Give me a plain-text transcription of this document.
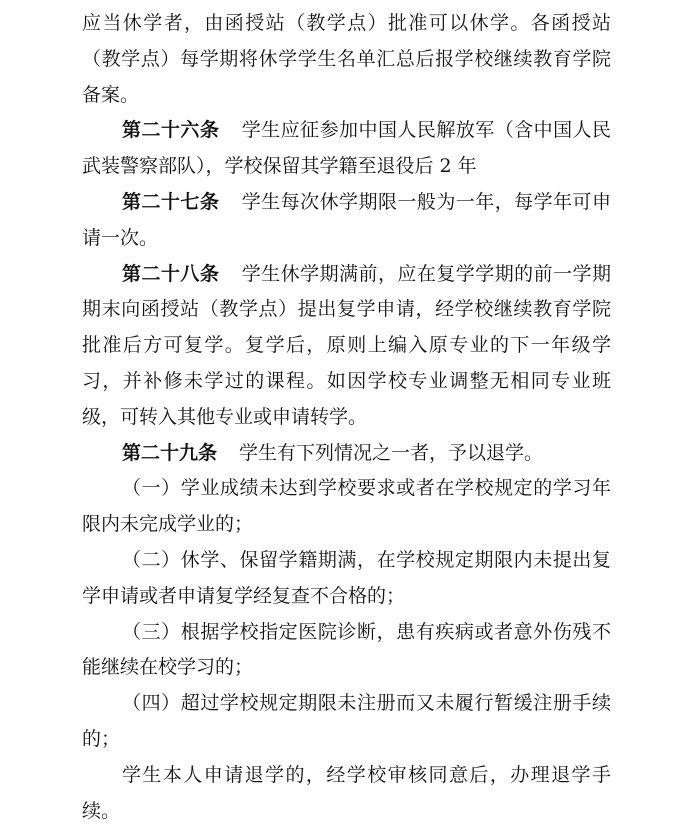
应当休学者，由函授站（教学点）批准可以休学。各函授站（教学点）每学期将休学学生名单汇总后报学校继续教育学院备案。

第二十六条 学生应征参加中国人民解放军（含中国人民武装警察部队），学校保留其学籍至退役后 2 年

第二十七条 学生每次休学期限一般为一年，每学年可申请一次。

第二十八条 学生休学期满前，应在复学学期的前一学期期末向函授站（教学点）提出复学申请，经学校继续教育学院批准后方可复学。复学后，原则上编入原专业的下一年级学习，并补修未学过的课程。如因学校专业调整无相同专业班级，可转入其他专业或申请转学。

第二十九条 学生有下列情况之一者，予以退学。

（一）学业成绩未达到学校要求或者在学校规定的学习年限内未完成学业的；

（二）休学、保留学籍期满，在学校规定期限内未提出复学申请或者申请复学经复查不合格的；

（三）根据学校指定医院诊断，患有疾病或者意外伤残不能继续在校学习的；

（四）超过学校规定期限未注册而又未履行暂缓注册手续的；

学生本人申请退学的，经学校审核同意后，办理退学手续。
